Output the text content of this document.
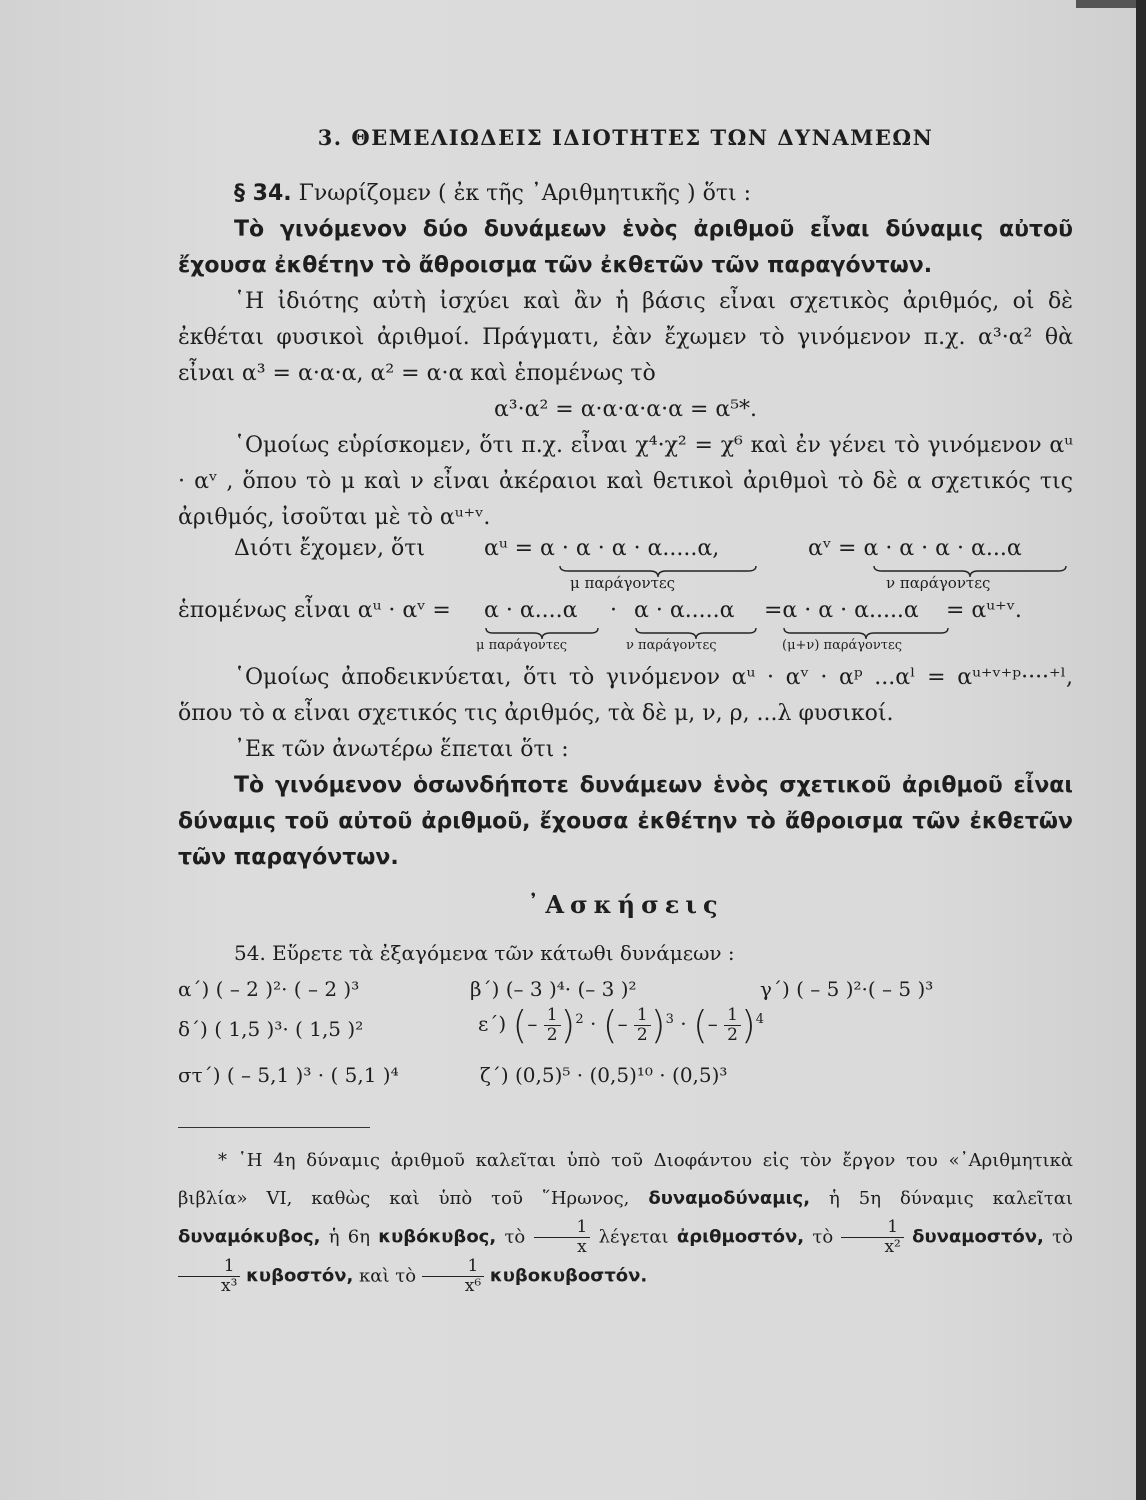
3. ΘΕΜΕΛΙΩΔΕΙΣ ΙΔΙΟΤΗΤΕΣ ΤΩΝ ΔΥΝΑΜΕΩΝ

§ 34. Γνωρίζομεν ( ἐκ τῆς ᾿Αριθμητικῆς ) ὅτι :

Τὸ γινόμενον δύο δυνάμεων ἑνὸς ἀριθμοῦ εἶναι δύναμις αὐτοῦ ἔχουσα ἐκθέτην τὸ ἄθροισμα τῶν ἐκθετῶν τῶν παραγόντων.

῾Η ἰδιότης αὐτὴ ἰσχύει καὶ ἂν ἡ βάσις εἶναι σχετικὸς ἀριθμός, οἱ δὲ ἐκθέται φυσικοὶ ἀριθμοί. Πράγματι, ἐὰν ἔχωμεν τὸ γινόμενον π.χ. α³·α² θὰ εἶναι α³ = α·α·α, α² = α·α καὶ ἑπομένως τὸ

α³·α² = α·α·α·α·α = α⁵*.

῾Ομοίως εὑρίσκομεν, ὅτι π.χ. εἶναι χ⁴·χ² = χ⁶ καὶ ἐν γένει τὸ γινόμενον αᵘ · αᵛ , ὅπου τὸ μ καὶ ν εἶναι ἀκέραιοι καὶ θετικοὶ ἀριθμοὶ τὸ δὲ α σχετικός τις ἀριθμός, ἰσοῦται μὲ τὸ αᵘ⁺ᵛ.

Διότι ἔχομεν, ὅτι	αᵘ = α · α · α · α.....α,	αᵛ = α · α · α · α...α
μ παράγοντες	ν παράγοντες
ἑπομένως εἶναι αᵘ · αᵛ = α · α....α · α · α.....α =α · α · α.....α = αᵘ⁺ᵛ.
μ παράγοντες	ν παράγοντες	(μ+ν) παράγοντες

῾Ομοίως ἀποδεικνύεται, ὅτι τὸ γινόμενον αᵘ · αᵛ · αᵖ ...αˡ = αᵘ⁺ᵛ⁺ᵖ····⁺ˡ, ὅπου τὸ α εἶναι σχετικός τις ἀριθμός, τὰ δὲ μ, ν, ρ, ...λ φυσικοί.

᾿Εκ τῶν ἀνωτέρω ἕπεται ὅτι :

Τὸ γινόμενον ὁσωνδήποτε δυνάμεων ἑνὸς σχετικοῦ ἀριθμοῦ εἶναι δύναμις τοῦ αὐτοῦ ἀριθμοῦ, ἔχουσα ἐκθέτην τὸ ἄθροισμα τῶν ἐκθετῶν τῶν παραγόντων.

᾿Ασκήσεις

54. Εὕρετε τὰ ἐξαγόμενα τῶν κάτωθι δυνάμεων :

α΄) ( – 2 )²· ( – 2 )³	β΄) (– 3 )⁴· (– 3 )²	γ΄) ( – 5 )²·( – 5 )³
δ΄) ( 1,5 )³· ( 1,5 )²	ε΄) (– $\frac{1}{2} )^2$ · (– $\frac{1}{2} )^3$ · (– $\frac{1}{2} )^4$
στ΄) ( – 5,1 )³ · ( 5,1 )⁴	ζ΄) (0,5)⁵ · (0,5)¹⁰ · (0,5)³

* ῾Η 4η δύναμις ἀριθμοῦ καλεῖται ὑπὸ τοῦ Διοφάντου εἰς τὸν ἔργον του «᾿Αριθμητικὰ βιβλία» VI, καθὼς καὶ ὑπὸ τοῦ ῞Ηρωνος, δυναμοδύναμις, ἡ 5η δύναμις καλεῖται δυναμόκυβος, ἡ 6η κυβόκυβος, τὸ $\frac{1}{x}$ λέγεται ἀριθμοστόν, τὸ $\frac{1}{\text{x²}} \delta\upsilon\nu\alpha\mu o\sigma\tau ό\nu$, τὸ
$\frac{1}{\text{x³}} \kappa\upsilon\beta o\sigma\tau ό\nu$, καὶ τὸ $\frac{1}{\text{x⁶}} \kappa\upsilon\beta o\kappa\upsilon\beta o\sigma\tau ό\nu$.
